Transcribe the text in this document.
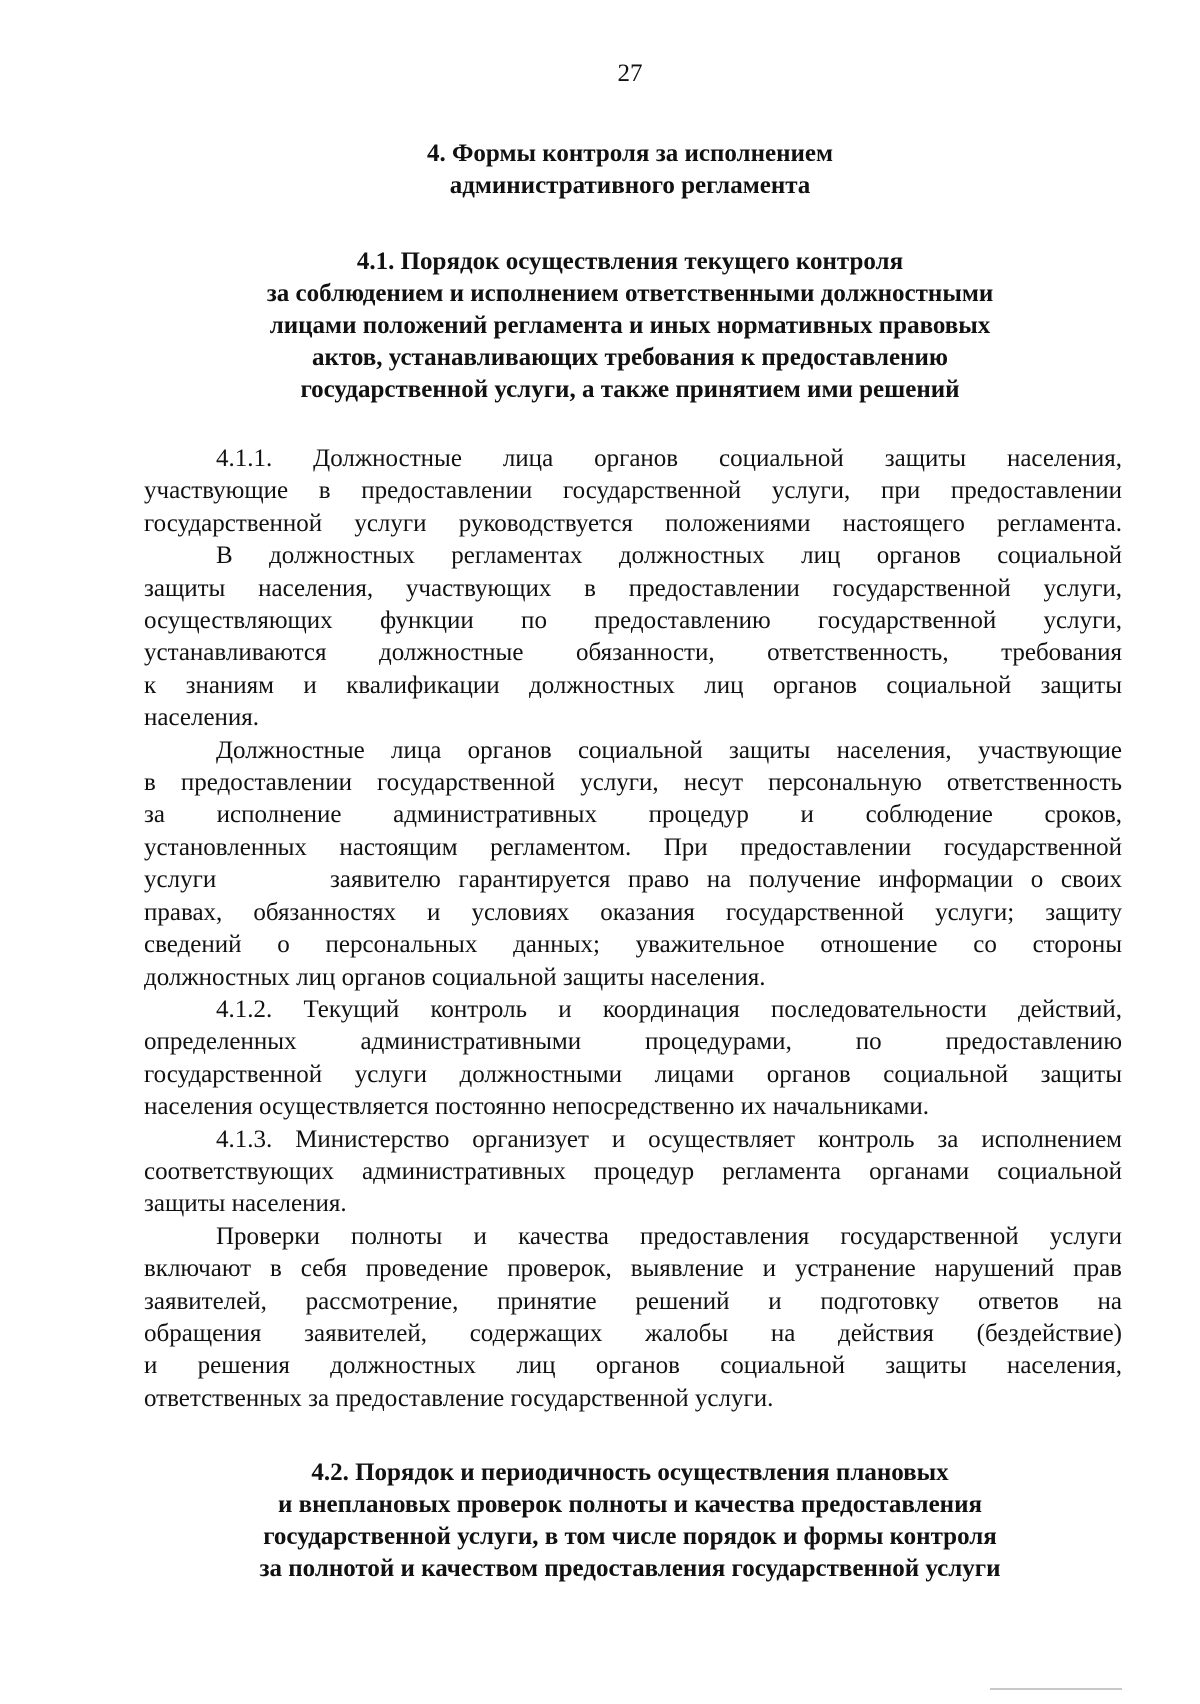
27
4. Формы контроля за исполнением
административного регламента
4.1. Порядок осуществления текущего контроля
за соблюдением и исполнением ответственными должностными
лицами положений регламента и иных нормативных правовых
актов, устанавливающих требования к предоставлению
государственной услуги, а также принятием ими решений
4.1.1. Должностные лица органов социальной защиты населения,
участвующие в предоставлении государственной услуги, при предоставлении
государственной услуги руководствуется положениями настоящего регламента.
В должностных регламентах должностных лиц органов социальной
защиты населения, участвующих в предоставлении государственной услуги,
осуществляющих функции по предоставлению государственной услуги,
устанавливаются должностные обязанности, ответственность, требования
к знаниям и квалификации должностных лиц органов социальной защиты
населения.
Должностные лица органов социальной защиты населения, участвующие
в предоставлении государственной услуги, несут персональную ответственность
за исполнение административных процедур и соблюдение сроков,
установленных настоящим регламентом. При предоставлении государственной
услуги	заявителю гарантируется право на получение информации о своих
правах, обязанностях и условиях оказания государственной услуги; защиту
сведений о персональных данных; уважительное отношение со стороны
должностных лиц органов социальной защиты населения.
4.1.2. Текущий контроль и координация последовательности действий,
определенных административными процедурами, по предоставлению
государственной услуги должностными лицами органов социальной защиты
населения осуществляется постоянно непосредственно их начальниками.
4.1.3. Министерство организует и осуществляет контроль за исполнением
соответствующих административных процедур регламента органами социальной
защиты населения.
Проверки полноты и качества предоставления государственной услуги
включают в себя проведение проверок, выявление и устранение нарушений прав
заявителей, рассмотрение, принятие решений и подготовку ответов на
обращения заявителей, содержащих жалобы на действия (бездействие)
и решения должностных лиц органов социальной защиты населения,
ответственных за предоставление государственной услуги.
4.2. Порядок и периодичность осуществления плановых
и внеплановых проверок полноты и качества предоставления
государственной услуги, в том числе порядок и формы контроля
за полнотой и качеством предоставления государственной услуги
